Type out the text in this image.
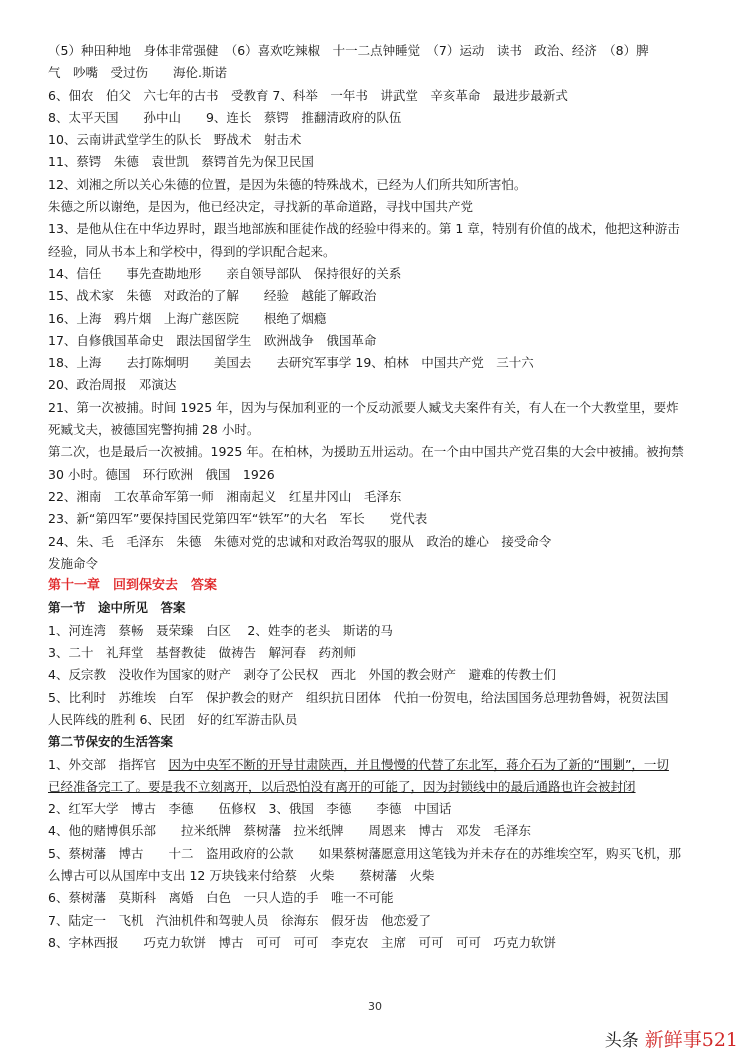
（5）种田种地　身体非常强健　（6）喜欢吃辣椒　十一二点钟睡觉　（7）运动　读书　政治、经济　（8）脾
气　吵嘴　受过伤　　海伦.斯诺
6、佃农　伯父　六七年的古书　受教育 7、科举　一年书　讲武堂　辛亥革命　最进步最新式
8、太平天国　　孙中山　　9、连长　蔡锷　推翻清政府的队伍
10、云南讲武堂学生的队长　野战术　射击术
11、蔡锷　朱德　袁世凯　蔡锷首先为保卫民国
12、刘湘之所以关心朱德的位置，是因为朱德的特殊战术，已经为人们所共知所害怕。
朱德之所以谢绝，是因为，他已经决定，寻找新的革命道路，寻找中国共产党
13、是他从住在中华边界时，跟当地部族和匪徒作战的经验中得来的。第 1 章，特别有价值的战术，他把这种游击
经验，同从书本上和学校中，得到的学识配合起来。
14、信任　　事先查勘地形　　亲自领导部队　保持很好的关系
15、战术家　朱德　对政治的了解　　经验　越能了解政治
16、上海　鸦片烟　上海广慈医院　　根绝了烟瘾
17、自修俄国革命史　跟法国留学生　欧洲战争　俄国革命
18、上海　　去打陈炯明　　美国去　　去研究军事学 19、柏林　中国共产党　三十六
20、政治周报　邓演达
21、第一次被捕。时间 1925 年，因为与保加利亚的一个反动派要人臧戈夫案件有关，有人在一个大教堂里，要炸
死臧戈夫，被德国宪警拘捕 28 小时。
第二次，也是最后一次被捕。1925 年。在柏林，为援助五卅运动。在一个由中国共产党召集的大会中被捕。被拘禁
30 小时。德国　环行欧洲　俄国　1926
22、湘南　工农革命军第一师　湘南起义　红星井冈山　毛泽东
23、新“第四军”要保持国民党第四军“铁军”的大名　军长　　党代表
24、朱、毛　毛泽东　朱德　朱德对党的忠诚和对政治驾驭的服从　政治的雄心　接受命令
发施命令
第十一章　回到保安去　答案
第一节　途中所见　答案
1、河连湾　蔡畅　聂荣臻　白区　 2、姓李的老头　斯诺的马
3、二十　礼拜堂　基督教徒　做祷告　解河春　药剂师
4、反宗教　没收作为国家的财产　剥夺了公民权　西北　外国的教会财产　避难的传教士们
5、比利时　苏维埃　白军　保护教会的财产　组织抗日团体　代拍一份贺电，给法国国务总理勃鲁姆，祝贺法国
人民阵线的胜利 6、民团　好的红军游击队员
第二节保安的生活答案
1、外交部　指挥官　因为中央军不断的开导甘肃陕西，并且慢慢的代替了东北军，蒋介石为了新的“围剿”，一切
已经准备完工了。要是我不立刻离开，以后恐怕没有离开的可能了，因为封锁线中的最后通路也许会被封闭
2、红军大学　博古　李德　　伍修权　3、俄国　李德　　李德　中国话
4、他的赌博俱乐部　　拉米纸牌　蔡树藩　拉米纸牌　　周恩来　博古　邓发　毛泽东
5、蔡树藩　博古　　十二　盗用政府的公款　　如果蔡树藩愿意用这笔钱为并未存在的苏维埃空军，购买飞机，那
么博古可以从国库中支出 12 万块钱来付给蔡　火柴　　蔡树藩　火柴
6、蔡树藩　莫斯科　离婚　白色　一只人造的手　唯一不可能
7、陆定一　飞机　汽油机件和驾驶人员　徐海东　假牙齿　他恋爱了
8、字林西报　　巧克力软饼　博古　可可　可可　李克农　主席　可可　可可　巧克力软饼
30
头条 新鲜事521
